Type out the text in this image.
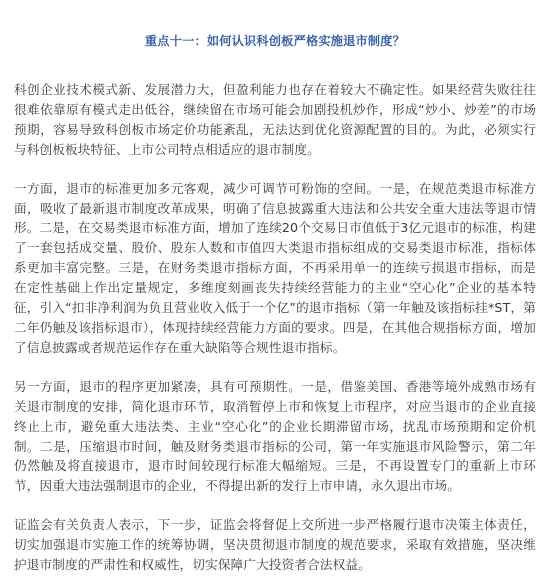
重点十一：如何认识科创板严格实施退市制度？

科创企业技术模式新、发展潜力大，但盈利能力也存在着较大不确定性。如果经营失败往往很难依靠原有模式走出低谷，继续留在市场可能会加剧投机炒作，形成“炒小、炒差”的市场预期，容易导致科创板市场定价功能紊乱，无法达到优化资源配置的目的。为此，必须实行与科创板板块特征、上市公司特点相适应的退市制度。

一方面，退市的标准更加多元客观，减少可调节可粉饰的空间。一是，在规范类退市标准方面，吸收了最新退市制度改革成果，明确了信息披露重大违法和公共安全重大违法等退市情形。二是，在交易类退市标准方面，增加了连续20个交易日市值低于3亿元退市的标准，构建了一套包括成交量、股价、股东人数和市值四大类退市指标组成的交易类退市标准，指标体系更加丰富完整。三是，在财务类退市指标方面，不再采用单一的连续亏损退市指标，而是在定性基础上作出定量规定，多维度刻画丧失持续经营能力的主业“空心化”企业的基本特征，引入“扣非净利润为负且营业收入低于一个亿”的退市指标（第一年触及该指标挂*ST，第二年仍触及该指标退市），体现持续经营能力方面的要求。四是，在其他合规指标方面，增加了信息披露或者规范运作存在重大缺陷等合规性退市指标。

另一方面，退市的程序更加紧凑，具有可预期性。一是，借鉴美国、香港等境外成熟市场有关退市制度的安排，简化退市环节，取消暂停上市和恢复上市程序，对应当退市的企业直接终止上市，避免重大违法类、主业“空心化”的企业长期滞留市场，扰乱市场预期和定价机制。二是，压缩退市时间，触及财务类退市指标的公司，第一年实施退市风险警示，第二年仍然触及将直接退市，退市时间较现行标准大幅缩短。三是，不再设置专门的重新上市环节，因重大违法强制退市的企业，不得提出新的发行上市申请，永久退出市场。

证监会有关负责人表示，下一步，证监会将督促上交所进一步严格履行退市决策主体责任，切实加强退市实施工作的统筹协调，坚决贯彻退市制度的规范要求，采取有效措施，坚决维护退市制度的严肃性和权威性，切实保障广大投资者合法权益。
